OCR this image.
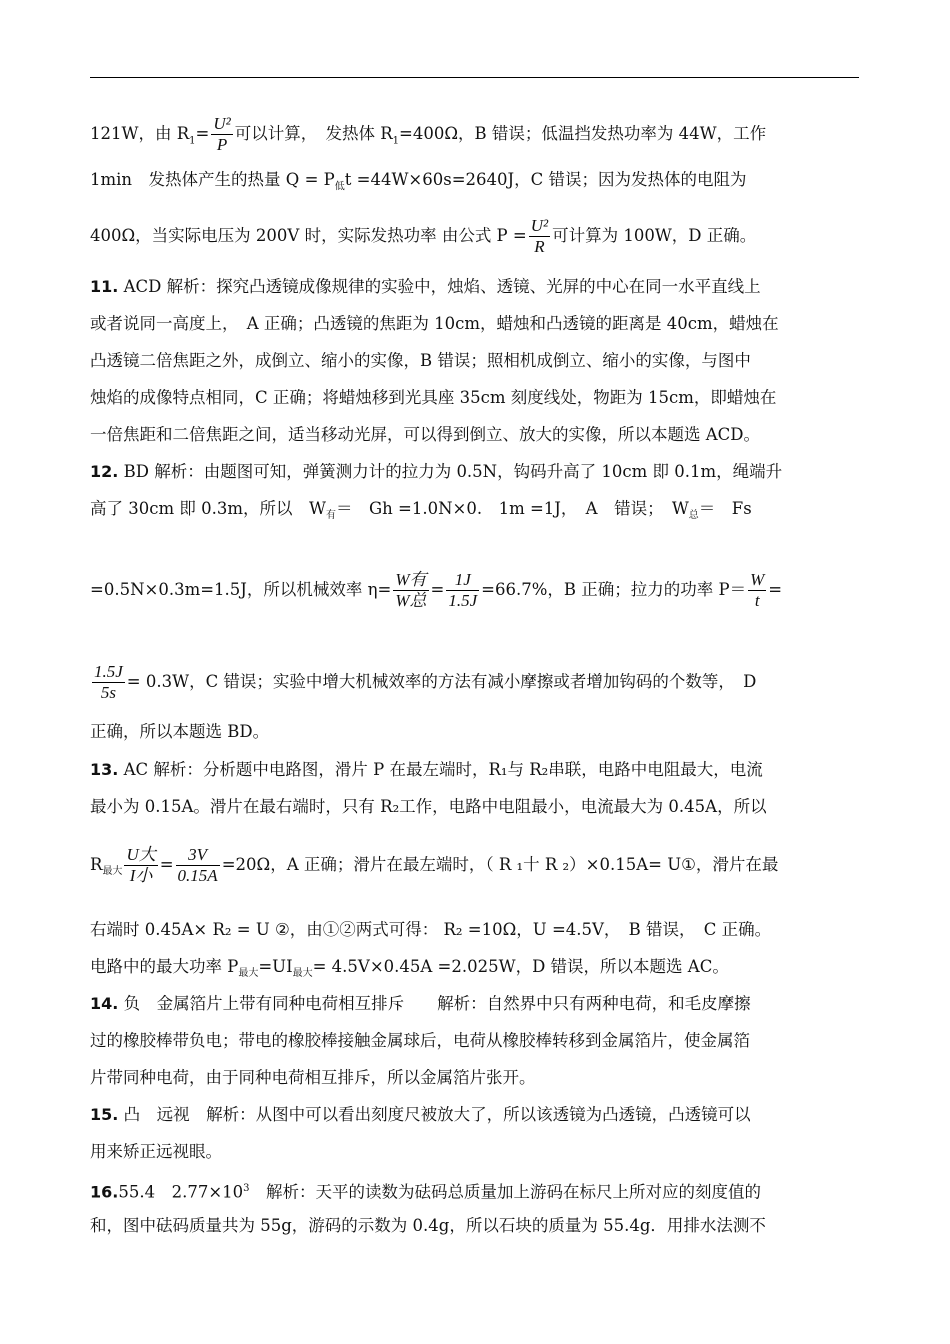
121W，由 $R_1= \frac{\text{U²}}{P}$ 可以计算，　发热体 $R_1=400\Omega$，B 错误；低温挡发热功率为 44W，工作
1min　发热体产生的热量 $Q = P_低t =44W\times 60s=2640J$，C 错误；因为发热体的电阻为
400Ω，当实际电压为 200V 时，实际发热功率 由公式 $P = \frac{\text{U²}}{R}$ 可计算为 100W，D 正确。
11. ACD 解析：探究凸透镜成像规律的实验中，烛焰、透镜、光屏的中心在同一水平直线上
或者说同一高度上，　A 正确；凸透镜的焦距为 10cm，蜡烛和凸透镜的距离是 40cm，蜡烛在
凸透镜二倍焦距之外，成倒立、缩小的实像，B 错误；照相机成倒立、缩小的实像，与图中
烛焰的成像特点相同，C 正确；将蜡烛移到光具座 35cm 刻度线处，物距为 15cm，即蜡烛在
一倍焦距和二倍焦距之间，适当移动光屏，可以得到倒立、放大的实像，所以本题选 ACD。
12. BD 解析：由题图可知，弹簧测力计的拉力为 0.5N，钩码升高了 10cm 即 0.1m，绳端升
高了 30cm 即 0.3m，所以　$W_有=$　Gh =1.0N×0.　1m =1J，　A　错误；　$W_总=$　Fs
=0.5N×0.3m=1.5J，所以机械效率 $\eta= \frac{\text{W有}}{\text{W总}} = \frac{1J}{1.5J} =66.7\%$，B 正确；拉力的功率 $P= \frac{W}{t}$ =
$\frac{1.5J}{5s} = 0.3W$，C 错误；实验中增大机械效率的方法有减小摩擦或者增加钩码的个数等，　D
正确，所以本题选 BD。
13. AC 解析：分析题中电路图，滑片 P 在最左端时，R₁与 R₂串联，电路中电阻最大，电流
最小为 0.15A。滑片在最右端时，只有 R₂工作，电路中电阻最小，电流最大为 0.45A，所以
$R_{最大} \frac{\text{U大}}{\text{I小}} = \frac{3V}{0.15A} =20\Omega$，A 正确；滑片在最左端时，（ R ₁十 R ₂）×0.15A= U①，滑片在最
右端时 0.45A× R₂ = U ②，由①②两式可得： R₂ =10Ω，U =4.5V，　B 错误，　C 正确。
电路中的最大功率 $P_{最大}=UI_{最大}= 4.5V\times 0.45A =2.025W$，D 错误，所以本题选 AC。
14. 负　金属箔片上带有同种电荷相互排斥　　解析：自然界中只有两种电荷，和毛皮摩擦
过的橡胶棒带负电；带电的橡胶棒接触金属球后，电荷从橡胶棒转移到金属箔片，使金属箔
片带同种电荷，由于同种电荷相互排斥，所以金属箔片张开。
15. 凸　远视　解析：从图中可以看出刻度尺被放大了，所以该透镜为凸透镜，凸透镜可以
用来矫正远视眼。
16.55.4　$2.77\times 10^3$　解析：天平的读数为砝码总质量加上游码在标尺上所对应的刻度值的
和，图中砝码质量共为 55g，游码的示数为 0.4g，所以石块的质量为 55.4g．用排水法测不
